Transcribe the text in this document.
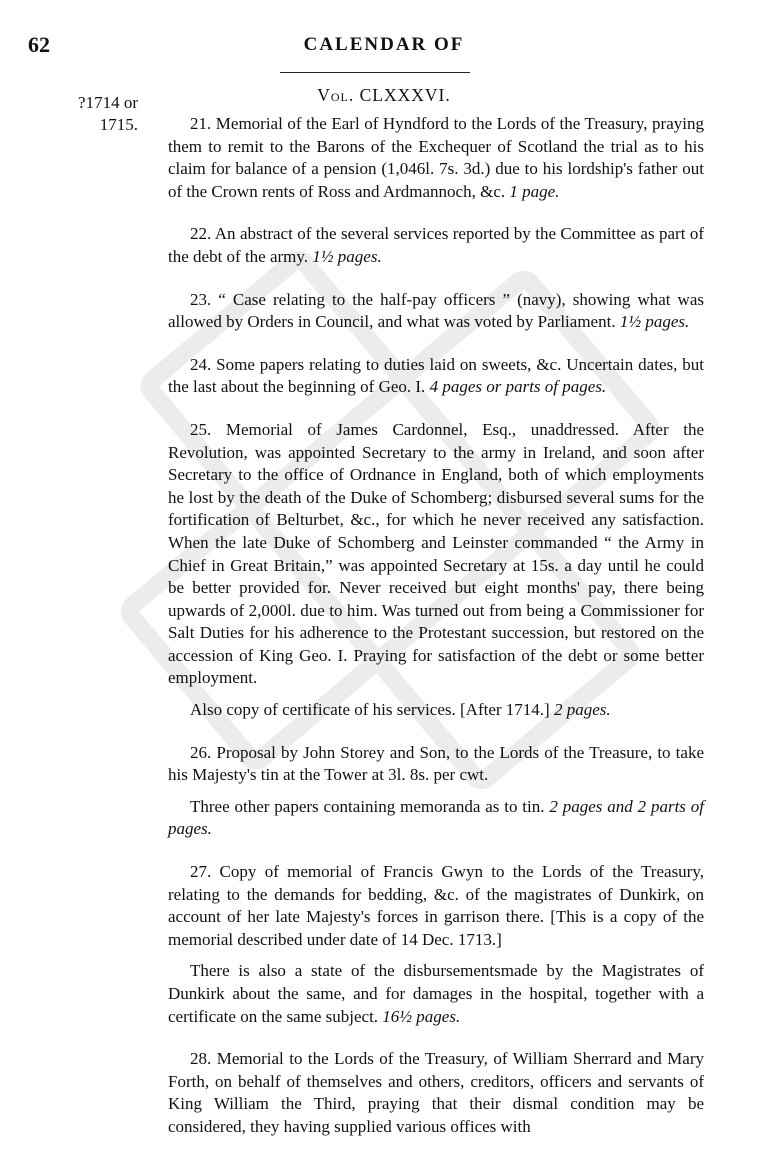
62	CALENDAR OF
Vol. CLXXXVI.
?1714 or
1715.	21. Memorial of the Earl of Hyndford to the Lords of the Treasury, praying them to remit to the Barons of the Exchequer of Scotland the trial as to his claim for balance of a pension (1,046l. 7s. 3d.) due to his lordship's father out of the Crown rents of Ross and Ardmannoch, &c. 1 page.

22. An abstract of the several services reported by the Committee as part of the debt of the army. 1½ pages.

23. “ Case relating to the half-pay officers ” (navy), showing what was allowed by Orders in Council, and what was voted by Parliament. 1½ pages.

24. Some papers relating to duties laid on sweets, &c. Uncertain dates, but the last about the beginning of Geo. I. 4 pages or parts of pages.

25. Memorial of James Cardonnel, Esq., unaddressed. After the Revolution, was appointed Secretary to the army in Ireland, and soon after Secretary to the office of Ordnance in England, both of which employments he lost by the death of the Duke of Schomberg; disbursed several sums for the fortification of Belturbet, &c., for which he never received any satisfaction. When the late Duke of Schomberg and Leinster commanded “ the Army in Chief in Great Britain,” was appointed Secretary at 15s. a day until he could be better provided for. Never received but eight months' pay, there being upwards of 2,000l. due to him. Was turned out from being a Commissioner for Salt Duties for his adherence to the Protestant succession, but restored on the accession of King Geo. I. Praying for satisfaction of the debt or some better employment.

Also copy of certificate of his services. [After 1714.] 2 pages.

26. Proposal by John Storey and Son, to the Lords of the Treasure, to take his Majesty's tin at the Tower at 3l. 8s. per cwt.

Three other papers containing memoranda as to tin. 2 pages and 2 parts of pages.

27. Copy of memorial of Francis Gwyn to the Lords of the Treasury, relating to the demands for bedding, &c. of the magistrates of Dunkirk, on account of her late Majesty's forces in garrison there. [This is a copy of the memorial described under date of 14 Dec. 1713.]

There is also a state of the disbursementsmade by the Magistrates of Dunkirk about the same, and for damages in the hospital, together with a certificate on the same subject. 16½ pages.

28. Memorial to the Lords of the Treasury, of William Sherrard and Mary Forth, on behalf of themselves and others, creditors, officers and servants of King William the Third, praying that their dismal condition may be considered, they having supplied various offices with
